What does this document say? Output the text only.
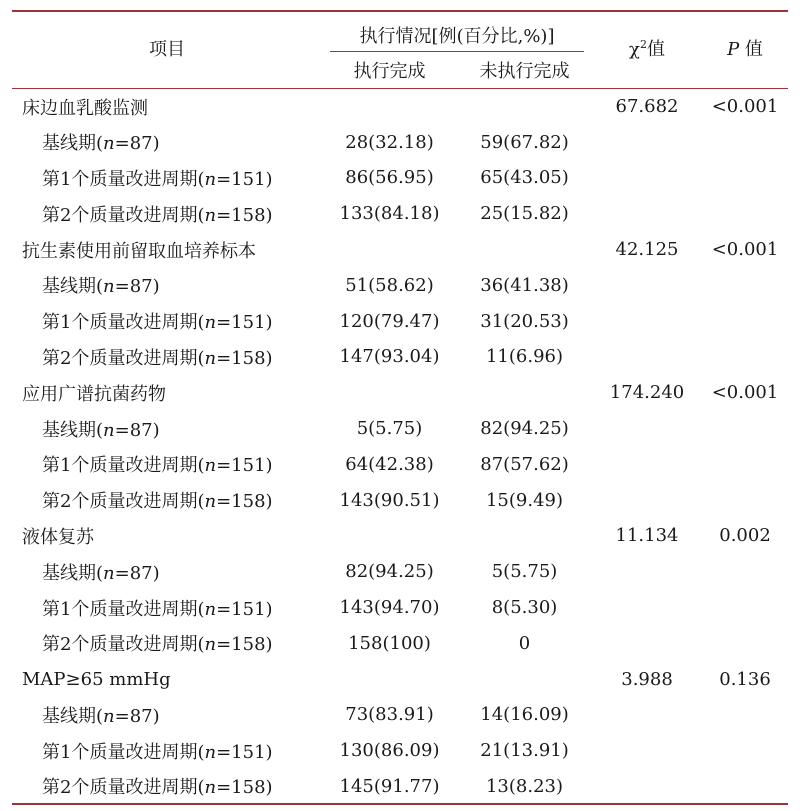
项目	执行情况[例(百分比,%)]		$\chi^2$值	P 值
	执行完成	未执行完成		
床边血乳酸监测			67.682	<0.001
基线期(n=87)	28(32.18)	59(67.82)		
第1个质量改进周期(n=151)	86(56.95)	65(43.05)		
第2个质量改进周期(n=158)	133(84.18)	25(15.82)		
抗生素使用前留取血培养标本			42.125	<0.001
基线期(n=87)	51(58.62)	36(41.38)		
第1个质量改进周期(n=151)	120(79.47)	31(20.53)		
第2个质量改进周期(n=158)	147(93.04)	11(6.96)		
应用广谱抗菌药物			174.240	<0.001
基线期(n=87)	5(5.75)	82(94.25)		
第1个质量改进周期(n=151)	64(42.38)	87(57.62)		
第2个质量改进周期(n=158)	143(90.51)	15(9.49)		
液体复苏			11.134	0.002
基线期(n=87)	82(94.25)	5(5.75)		
第1个质量改进周期(n=151)	143(94.70)	8(5.30)		
第2个质量改进周期(n=158)	158(100)	0		
MAP≥65 mmHg			3.988	0.136
基线期(n=87)	73(83.91)	14(16.09)		
第1个质量改进周期(n=151)	130(86.09)	21(13.91)		
第2个质量改进周期(n=158)	145(91.77)	13(8.23)		
